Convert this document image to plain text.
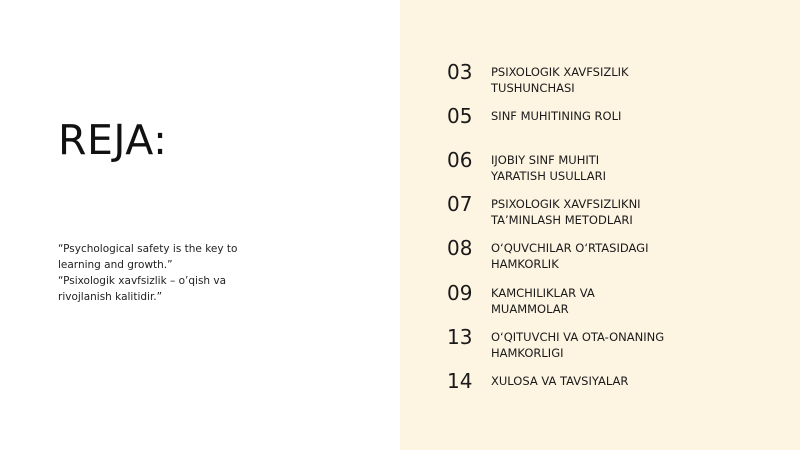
REJA:

“Psychological safety is the key to learning and growth.”

“Psixologik xavfsizlik – o’qish va rivojlanish kalitidir.”

03 PSIXOLOGIK XAVFSIZLIK
TUSHUNCHASI
05 SINF MUHITINING ROLI
06 IJOBIY SINF MUHITI
YARATISH USULLARI
07 PSIXOLOGIK XAVFSIZLIKNI
TA’MINLASH METODLARI
08 O‘QUVCHILAR O‘RTASIDAGI
HAMKORLIK
09 KAMCHILIKLAR VA
MUAMMOLAR
13 O‘QITUVCHI VA OTA-ONANING
HAMKORLIGI
14 XULOSA VA TAVSIYALAR
